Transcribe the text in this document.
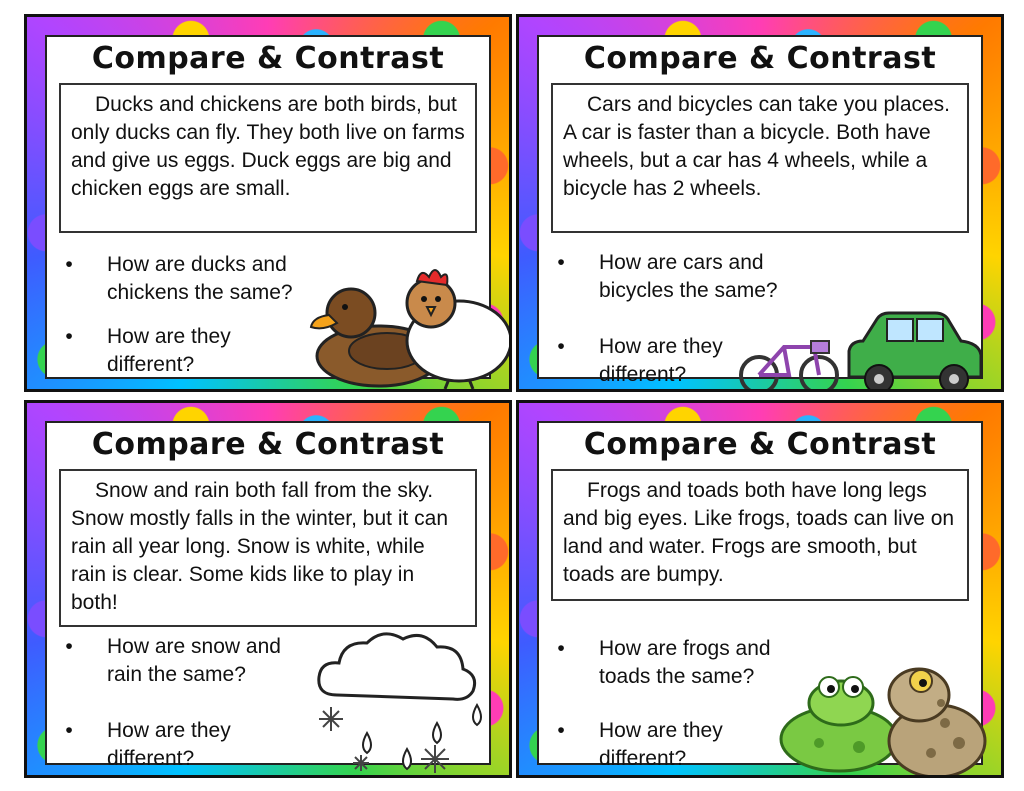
Compare & Contrast
Ducks and chickens are both birds, but only ducks can fly. They both live on farms and give us eggs. Duck eggs are big and chicken eggs are small.
•	How are ducks and chickens the same?
•	How are they different?
Compare & Contrast
Cars and bicycles can take you places. A car is faster than a bicycle. Both have wheels, but a car has 4 wheels, while a bicycle has 2 wheels.
•	How are cars and bicycles the same?
•	How are they different?
Compare & Contrast
Snow and rain both fall from the sky. Snow mostly falls in the winter, but it can rain all year long. Snow is white, while rain is clear. Some kids like to play in both!
•	How are snow and rain the same?
•	How are they different?
Compare & Contrast
Frogs and toads both have long legs and big eyes. Like frogs, toads can live on land and water. Frogs are smooth, but toads are bumpy.
•	How are frogs and toads the same?
•	How are they different?
